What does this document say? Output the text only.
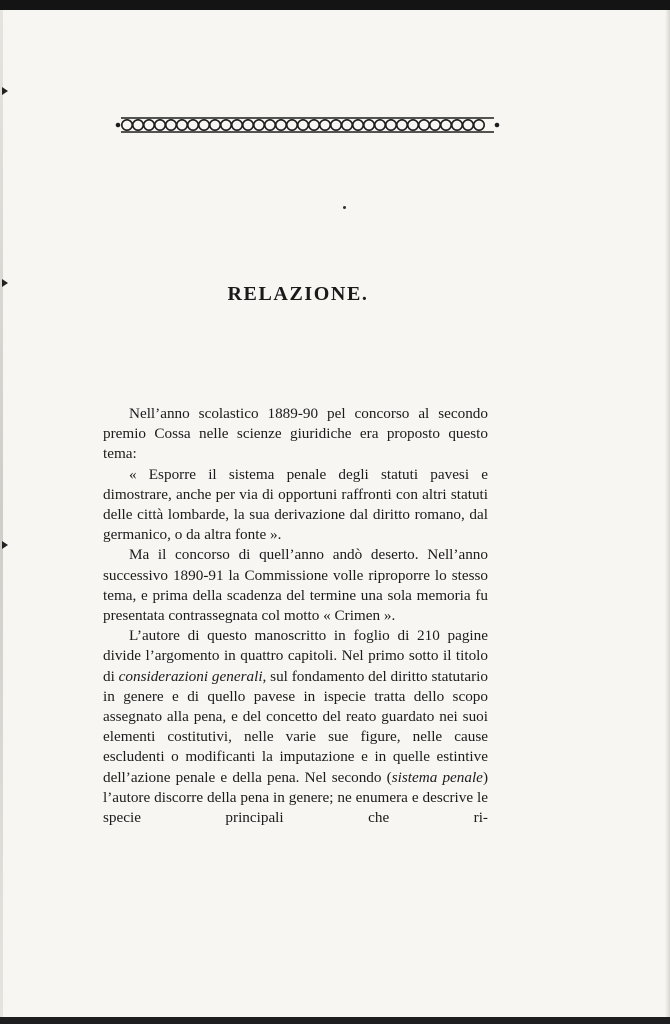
RELAZIONE.

Nell’anno scolastico 1889-90 pel concorso al secondo premio Cossa nelle scienze giuridiche era proposto questo tema:

« Esporre il sistema penale degli statuti pavesi e dimostrare, anche per via di opportuni raffronti con altri statuti delle città lombarde, la sua derivazione dal diritto romano, dal germanico, o da altra fonte ».

Ma il concorso di quell’anno andò deserto. Nell’anno successivo 1890-91 la Commissione volle riproporre lo stesso tema, e prima della scadenza del termine una sola memoria fu presentata contrassegnata col motto « Crimen ».

L’autore di questo manoscritto in foglio di 210 pagine divide l’argomento in quattro capitoli. Nel primo sotto il titolo di considerazioni generali, sul fondamento del diritto statutario in genere e di quello pavese in ispecie tratta dello scopo assegnato alla pena, e del concetto del reato guardato nei suoi elementi costitutivi, nelle varie sue figure, nelle cause escludenti o modificanti la imputazione e in quelle estintive dell’azione penale e della pena. Nel secondo (sistema penale) l’autore discorre della pena in genere; ne enumera e descrive le specie principali che ri-
